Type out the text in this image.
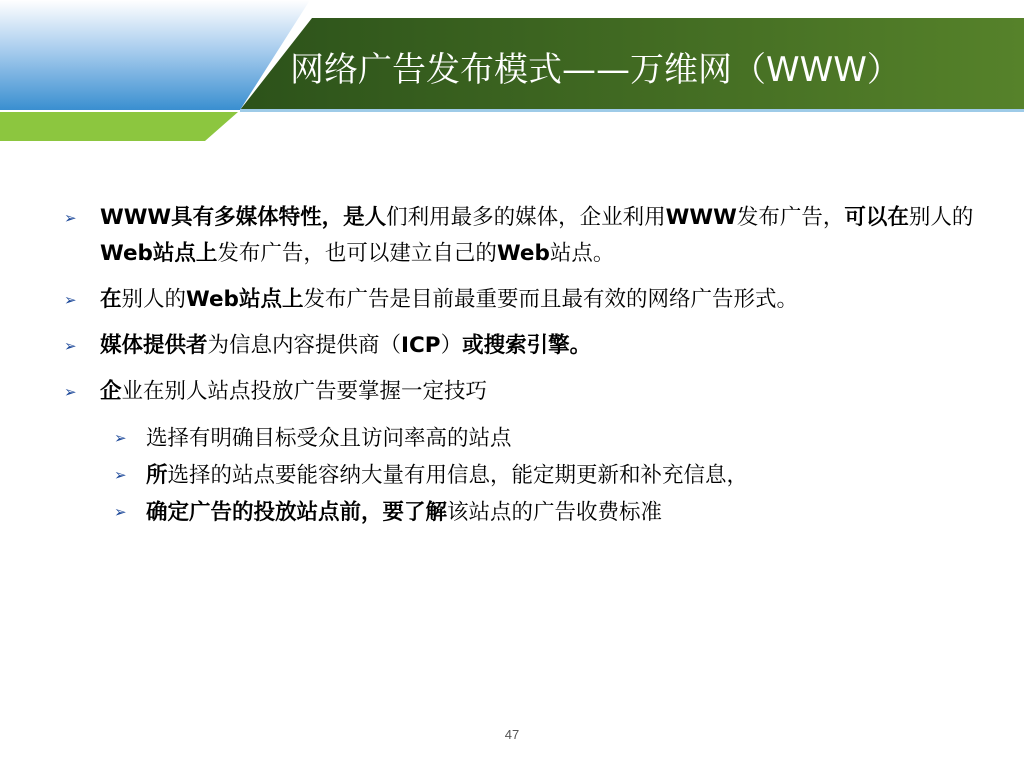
网络广告发布模式——万维网（WWW）
➢ WWW具有多媒体特性，是人们利用最多的媒体，企业利用WWW发布广告，可以在别人的Web站点上发布广告，也可以建立自己的Web站点。
➢ 在别人的Web站点上发布广告是目前最重要而且最有效的网络广告形式。
➢ 媒体提供者为信息内容提供商（ICP）或搜索引擎。
➢ 企业在别人站点投放广告要掌握一定技巧
➢ 选择有明确目标受众且访问率高的站点
➢ 所选择的站点要能容纳大量有用信息，能定期更新和补充信息，
➢ 确定广告的投放站点前，要了解该站点的广告收费标准
47
